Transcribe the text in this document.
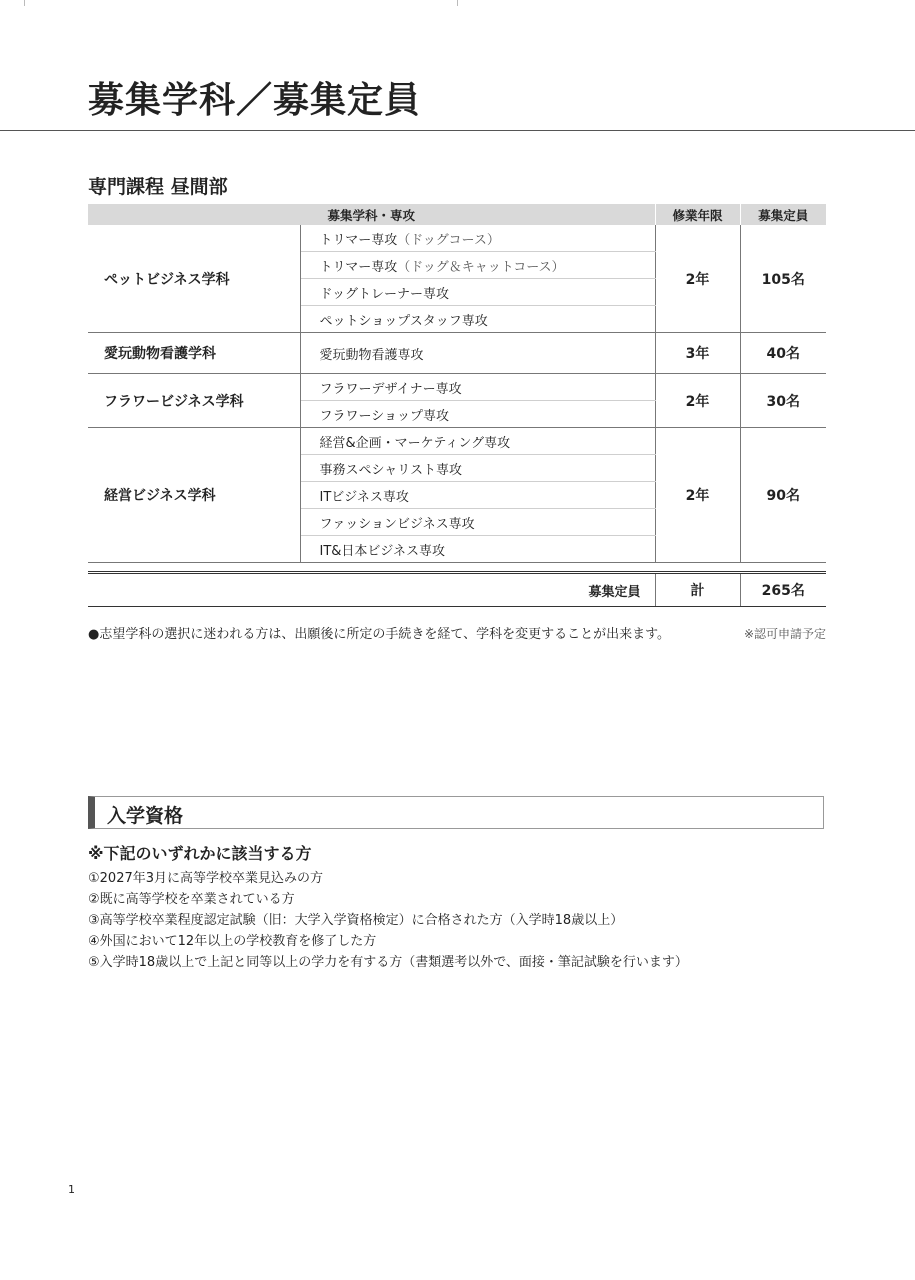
募集学科／募集定員
専門課程 昼間部
募集学科・専攻		修業年限	募集定員
ペットビジネス学科	トリマー専攻（ドッグコース）	2年	105名
	トリマー専攻（ドッグ＆キャットコース）		
	ドッグトレーナー専攻		
	ペットショップスタッフ専攻		
愛玩動物看護学科	愛玩動物看護専攻	3年	40名
フラワービジネス学科	フラワーデザイナー専攻	2年	30名
	フラワーショップ専攻		
経営ビジネス学科	経営&企画・マーケティング専攻	2年	90名
	事務スペシャリスト専攻		
	ITビジネス専攻		
	ファッションビジネス専攻		
	IT&日本ビジネス専攻		

募集定員		計	265名
●志望学科の選択に迷われる方は、出願後に所定の手続きを経て、学科を変更することが出来ます。	※認可申請予定
入学資格
※下記のいずれかに該当する方
①2027年3月に高等学校卒業見込みの方
②既に高等学校を卒業されている方
③高等学校卒業程度認定試験（旧：大学入学資格検定）に合格された方（入学時18歳以上）
④外国において12年以上の学校教育を修了した方
⑤入学時18歳以上で上記と同等以上の学力を有する方（書類選考以外で、面接・筆記試験を行います）
1
